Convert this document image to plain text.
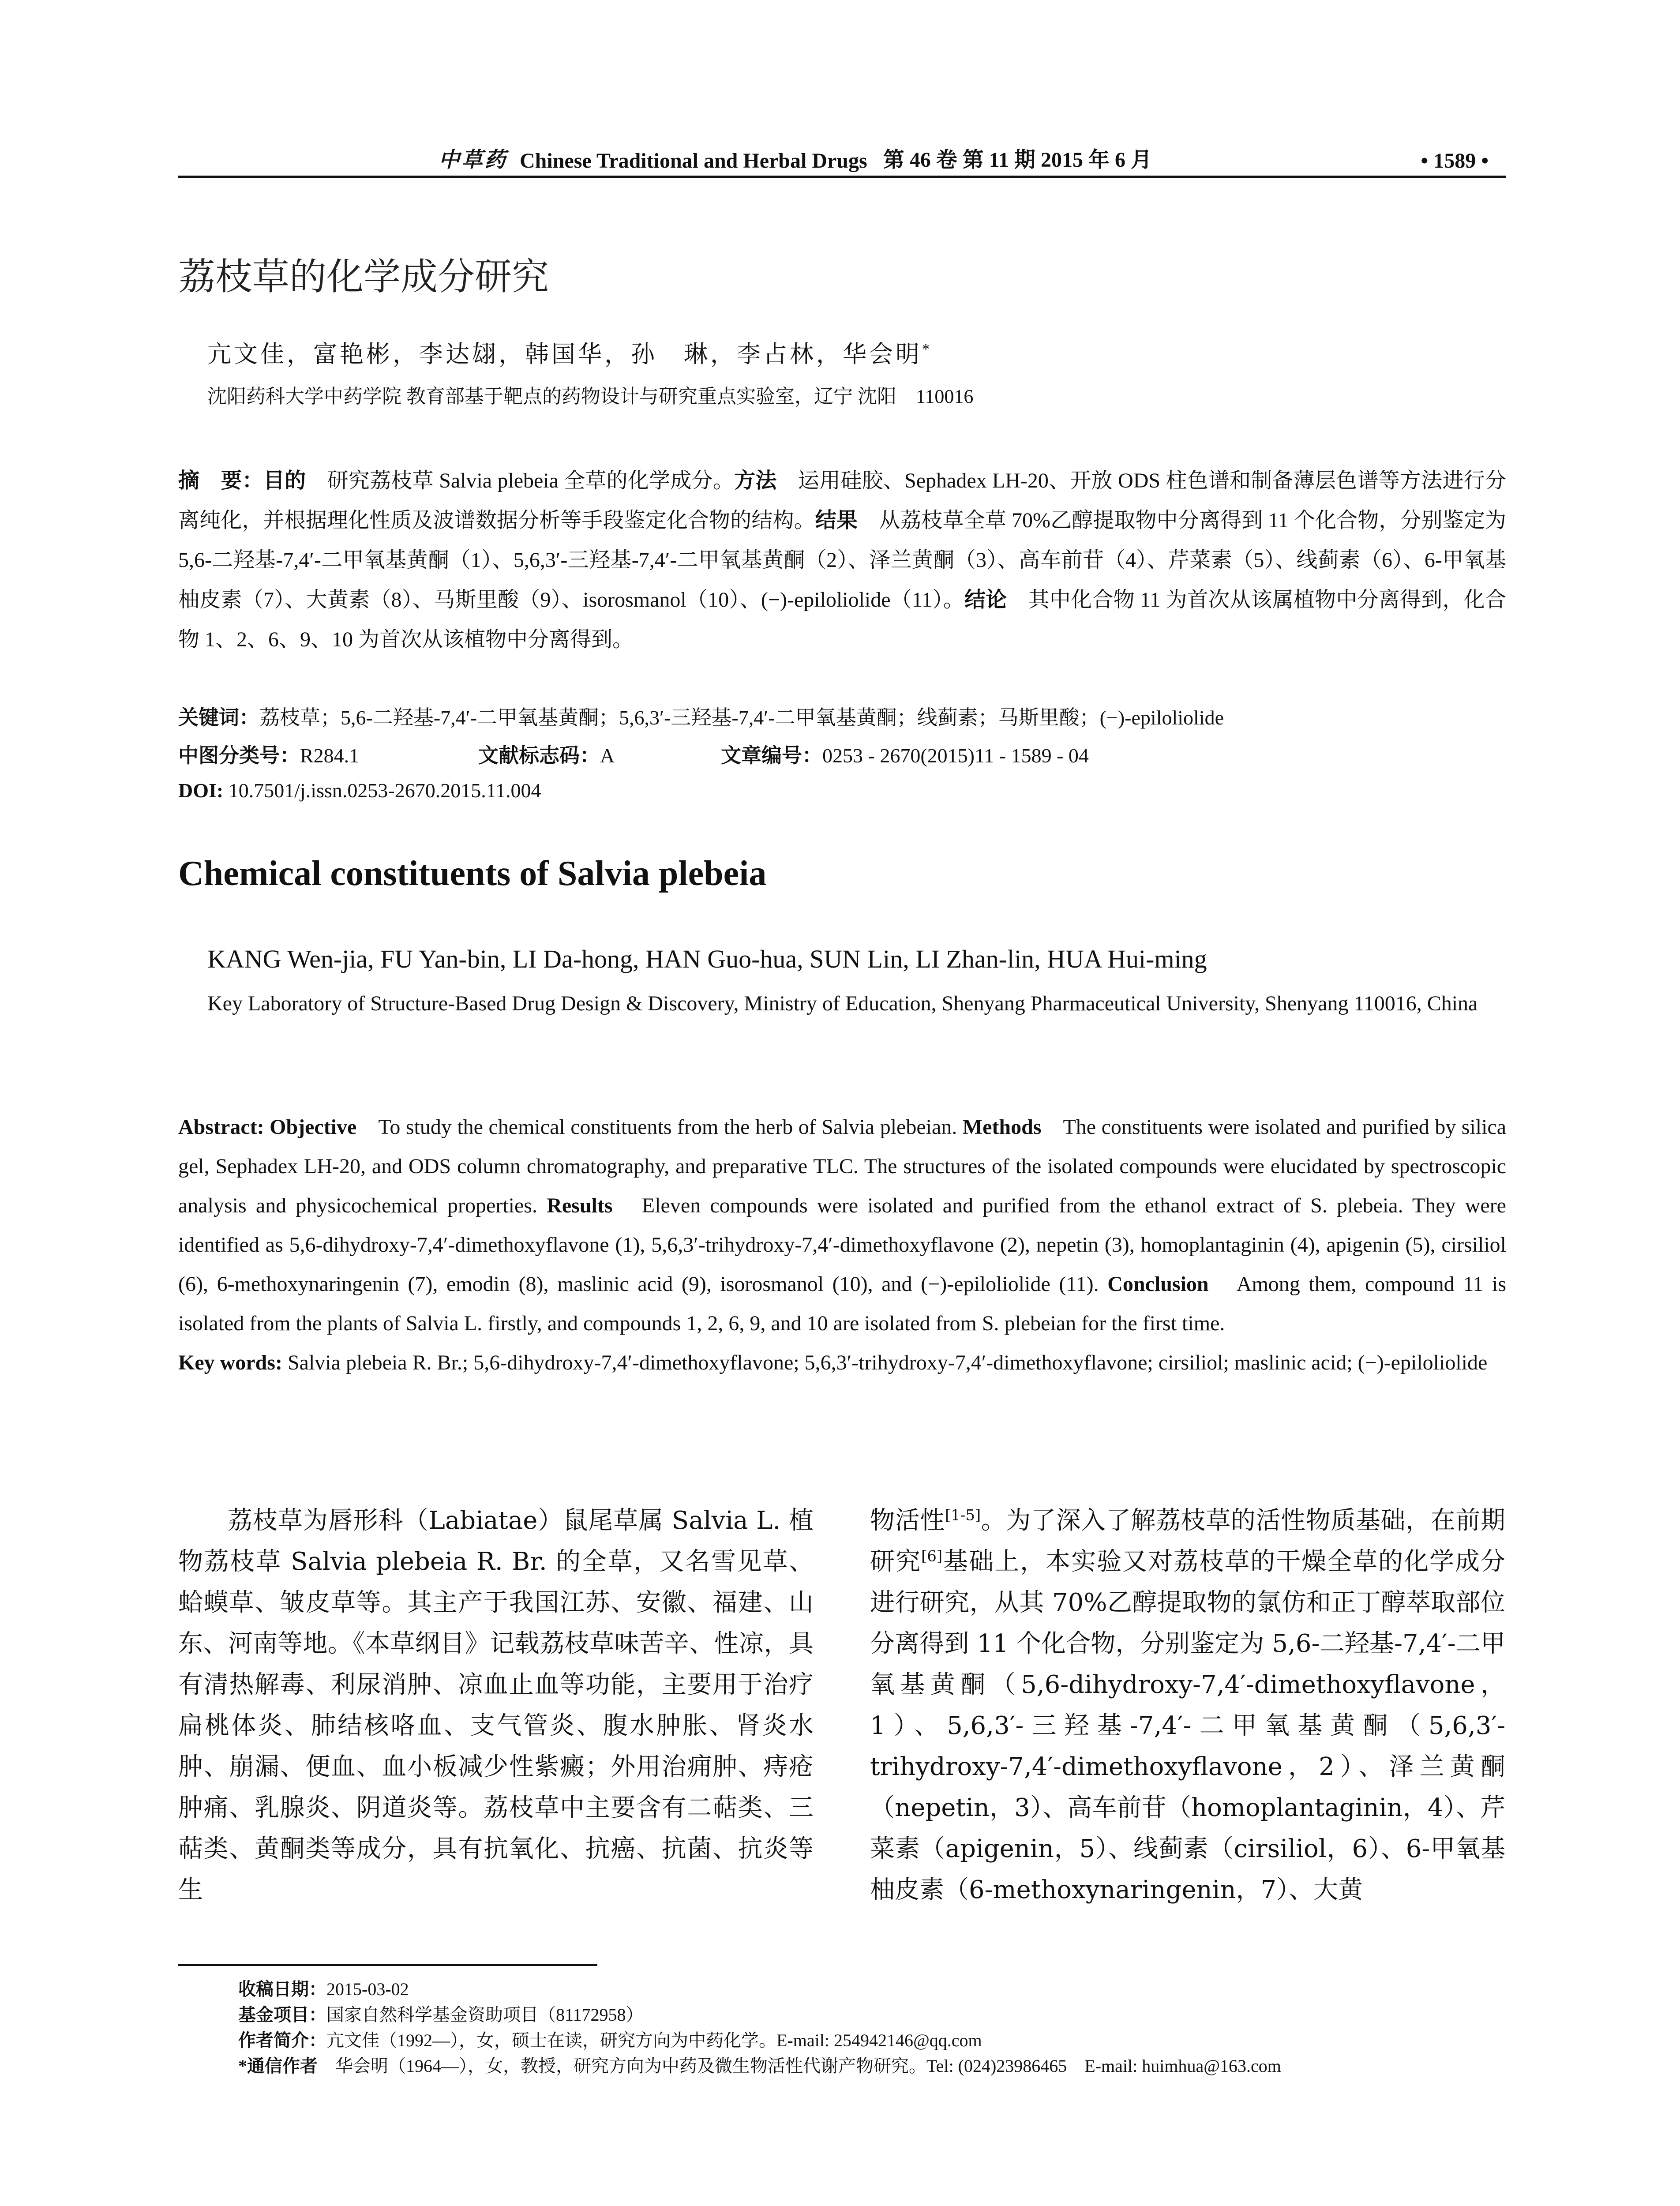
中草药 Chinese Traditional and Herbal Drugs 第 46 卷 第 11 期 2015 年 6 月	• 1589 •
荔枝草的化学成分研究
亢文佳，富艳彬，李达翃，韩国华，孙　琳，李占林，华会明*
沈阳药科大学中药学院 教育部基于靶点的药物设计与研究重点实验室，辽宁 沈阳　110016
摘　要：目的　研究荔枝草 Salvia plebeia 全草的化学成分。方法　运用硅胶、Sephadex LH-20、开放 ODS 柱色谱和制备薄层色谱等方法进行分离纯化，并根据理化性质及波谱数据分析等手段鉴定化合物的结构。结果　从荔枝草全草 70%乙醇提取物中分离得到 11 个化合物，分别鉴定为 5,6-二羟基-7,4′-二甲氧基黄酮（1）、5,6,3′-三羟基-7,4′-二甲氧基黄酮（2）、泽兰黄酮（3）、高车前苷（4）、芹菜素（5）、线蓟素（6）、6-甲氧基柚皮素（7）、大黄素（8）、马斯里酸（9）、isorosmanol（10）、(−)-epiloliolide（11）。结论　其中化合物 11 为首次从该属植物中分离得到，化合物 1、2、6、9、10 为首次从该植物中分离得到。
关键词：荔枝草；5,6-二羟基-7,4′-二甲氧基黄酮；5,6,3′-三羟基-7,4′-二甲氧基黄酮；线蓟素；马斯里酸；(−)-epiloliolide
中图分类号：R284.1	文献标志码：A	文章编号：0253 - 2670(2015)11 - 1589 - 04
DOI: 10.7501/j.issn.0253-2670.2015.11.004
Chemical constituents of Salvia plebeia
KANG Wen-jia, FU Yan-bin, LI Da-hong, HAN Guo-hua, SUN Lin, LI Zhan-lin, HUA Hui-ming
Key Laboratory of Structure-Based Drug Design & Discovery, Ministry of Education, Shenyang Pharmaceutical University, Shenyang 110016, China
Abstract: Objective　To study the chemical constituents from the herb of Salvia plebeian. Methods　The constituents were isolated and purified by silica gel, Sephadex LH-20, and ODS column chromatography, and preparative TLC. The structures of the isolated compounds were elucidated by spectroscopic analysis and physicochemical properties. Results　Eleven compounds were isolated and purified from the ethanol extract of S. plebeia. They were identified as 5,6-dihydroxy-7,4′-dimethoxyflavone (1), 5,6,3′-trihydroxy-7,4′-dimethoxyflavone (2), nepetin (3), homoplantaginin (4), apigenin (5), cirsiliol (6), 6-methoxynaringenin (7), emodin (8), maslinic acid (9), isorosmanol (10), and (−)-epiloliolide (11). Conclusion　Among them, compound 11 is isolated from the plants of Salvia L. firstly, and compounds 1, 2, 6, 9, and 10 are isolated from S. plebeian for the first time.
Key words: Salvia plebeia R. Br.; 5,6-dihydroxy-7,4′-dimethoxyflavone; 5,6,3′-trihydroxy-7,4′-dimethoxyflavone; cirsiliol; maslinic acid; (−)-epiloliolide
荔枝草为唇形科（Labiatae）鼠尾草属 Salvia L. 植物荔枝草 Salvia plebeia R. Br. 的全草，又名雪见草、蛤蟆草、皱皮草等。其主产于我国江苏、安徽、福建、山东、河南等地。《本草纲目》记载荔枝草味苦辛、性凉，具有清热解毒、利尿消肿、凉血止血等功能，主要用于治疗扁桃体炎、肺结核咯血、支气管炎、腹水肿胀、肾炎水肿、崩漏、便血、血小板减少性紫癜；外用治痈肿、痔疮肿痛、乳腺炎、阴道炎等。荔枝草中主要含有二萜类、三萜类、黄酮类等成分，具有抗氧化、抗癌、抗菌、抗炎等生
物活性[1-5]。为了深入了解荔枝草的活性物质基础，在前期研究[6]基础上，本实验又对荔枝草的干燥全草的化学成分进行研究，从其 70%乙醇提取物的氯仿和正丁醇萃取部位分离得到 11 个化合物，分别鉴定为 5,6-二羟基-7,4′-二甲氧基黄酮（5,6-dihydroxy-7,4′-dimethoxyflavone，1）、5,6,3′-三羟基-7,4′-二甲氧基黄酮（5,6,3′-trihydroxy-7,4′-dimethoxyflavone，2）、泽兰黄酮（nepetin，3）、高车前苷（homoplantaginin，4）、芹菜素（apigenin，5）、线蓟素（cirsiliol，6）、6-甲氧基柚皮素（6-methoxynaringenin，7）、大黄
收稿日期：2015-03-02
基金项目：国家自然科学基金资助项目（81172958）
作者简介：亢文佳（1992—），女，硕士在读，研究方向为中药化学。E-mail: 254942146@qq.com
*通信作者　华会明（1964—），女，教授，研究方向为中药及微生物活性代谢产物研究。Tel: (024)23986465　E-mail: huimhua@163.com
